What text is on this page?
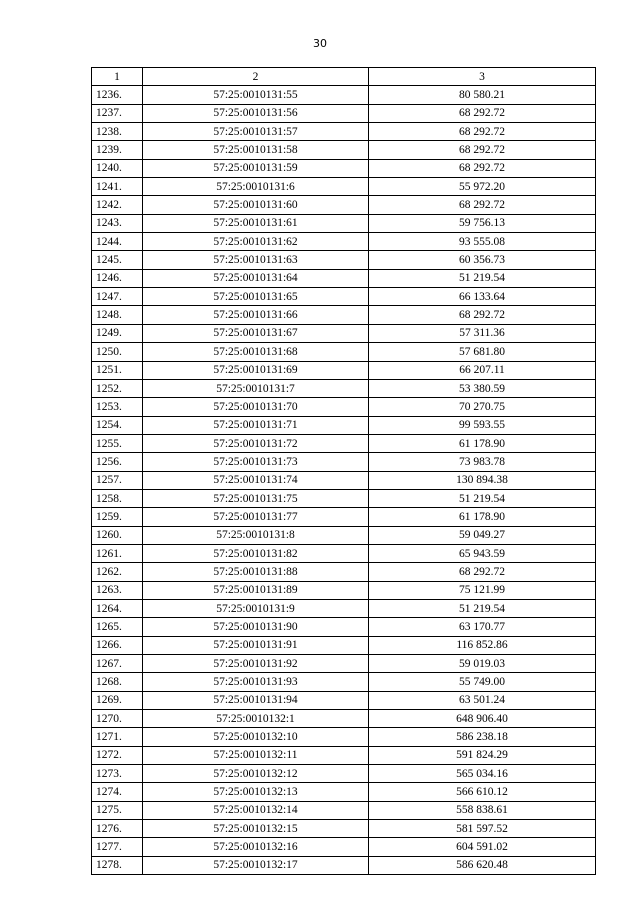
30
1	2	3
1236.	57:25:0010131:55	80 580.21
1237.	57:25:0010131:56	68 292.72
1238.	57:25:0010131:57	68 292.72
1239.	57:25:0010131:58	68 292.72
1240.	57:25:0010131:59	68 292.72
1241.	57:25:0010131:6	55 972.20
1242.	57:25:0010131:60	68 292.72
1243.	57:25:0010131:61	59 756.13
1244.	57:25:0010131:62	93 555.08
1245.	57:25:0010131:63	60 356.73
1246.	57:25:0010131:64	51 219.54
1247.	57:25:0010131:65	66 133.64
1248.	57:25:0010131:66	68 292.72
1249.	57:25:0010131:67	57 311.36
1250.	57:25:0010131:68	57 681.80
1251.	57:25:0010131:69	66 207.11
1252.	57:25:0010131:7	53 380.59
1253.	57:25:0010131:70	70 270.75
1254.	57:25:0010131:71	99 593.55
1255.	57:25:0010131:72	61 178.90
1256.	57:25:0010131:73	73 983.78
1257.	57:25:0010131:74	130 894.38
1258.	57:25:0010131:75	51 219.54
1259.	57:25:0010131:77	61 178.90
1260.	57:25:0010131:8	59 049.27
1261.	57:25:0010131:82	65 943.59
1262.	57:25:0010131:88	68 292.72
1263.	57:25:0010131:89	75 121.99
1264.	57:25:0010131:9	51 219.54
1265.	57:25:0010131:90	63 170.77
1266.	57:25:0010131:91	116 852.86
1267.	57:25:0010131:92	59 019.03
1268.	57:25:0010131:93	55 749.00
1269.	57:25:0010131:94	63 501.24
1270.	57:25:0010132:1	648 906.40
1271.	57:25:0010132:10	586 238.18
1272.	57:25:0010132:11	591 824.29
1273.	57:25:0010132:12	565 034.16
1274.	57:25:0010132:13	566 610.12
1275.	57:25:0010132:14	558 838.61
1276.	57:25:0010132:15	581 597.52
1277.	57:25:0010132:16	604 591.02
1278.	57:25:0010132:17	586 620.48
